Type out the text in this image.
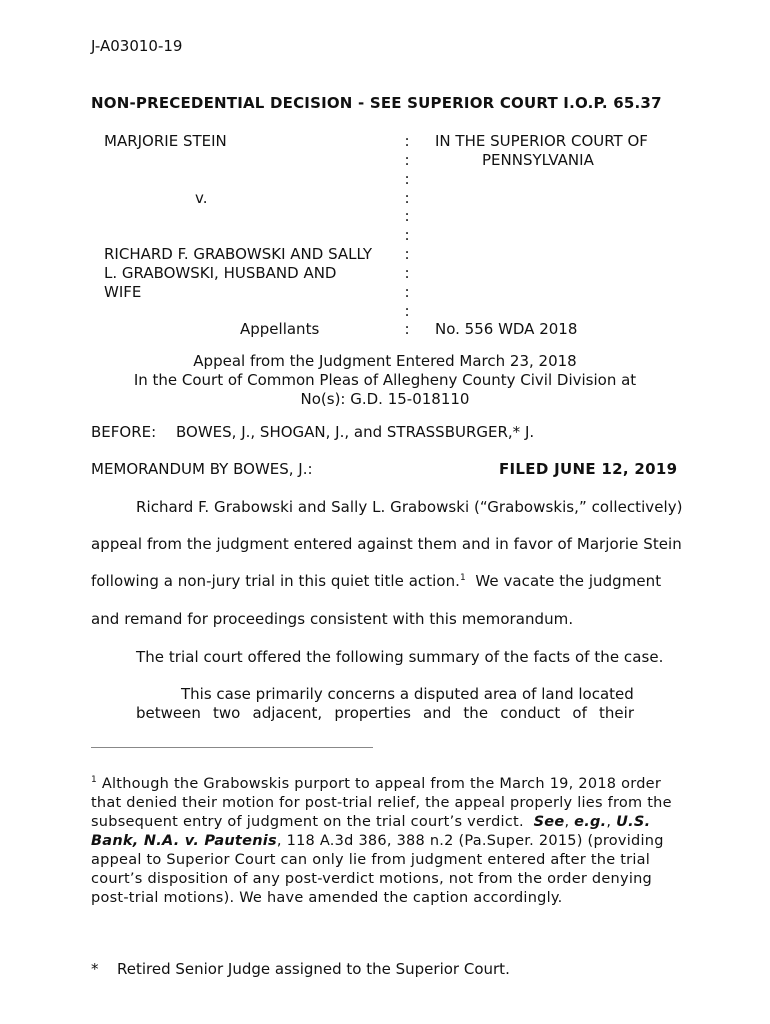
J-A03010-19
NON-PRECEDENTIAL DECISION - SEE SUPERIOR COURT I.O.P. 65.37
MARJORIE STEIN
v.
RICHARD F. GRABOWSKI AND SALLY
L. GRABOWSKI, HUSBAND AND
WIFE
Appellants
:
:
:
:
:
:
:
:
:
:
:
IN THE SUPERIOR COURT OF
PENNSYLVANIA
No. 556 WDA 2018
Appeal from the Judgment Entered March 23, 2018
In the Court of Common Pleas of Allegheny County Civil Division at
No(s): G.D. 15-018110
BEFORE: BOWES, J., SHOGAN, J., and STRASSBURGER,* J.
MEMORANDUM BY BOWES, J.:	FILED JUNE 12, 2019
Richard F. Grabowski and Sally L. Grabowski (“Grabowskis,” collectively)
appeal from the judgment entered against them and in favor of Marjorie Stein
following a non-jury trial in this quiet title action.$^1$  We vacate the judgment
and remand for proceedings consistent with this memorandum.
The trial court offered the following summary of the facts of the case.
This case primarily concerns a disputed area of land located
between two adjacent, properties and the conduct of their
$^1$ Although the Grabowskis purport to appeal from the March 19, 2018 order
that denied their motion for post-trial relief, the appeal properly lies from the
subsequent entry of judgment on the trial court’s verdict.  See, e.g., U.S.
Bank, N.A. v. Pautenis, 118 A.3d 386, 388 n.2 (Pa.Super. 2015) (providing
appeal to Superior Court can only lie from judgment entered after the trial
court’s disposition of any post-verdict motions, not from the order denying
post-trial motions). We have amended the caption accordingly.
* Retired Senior Judge assigned to the Superior Court.
